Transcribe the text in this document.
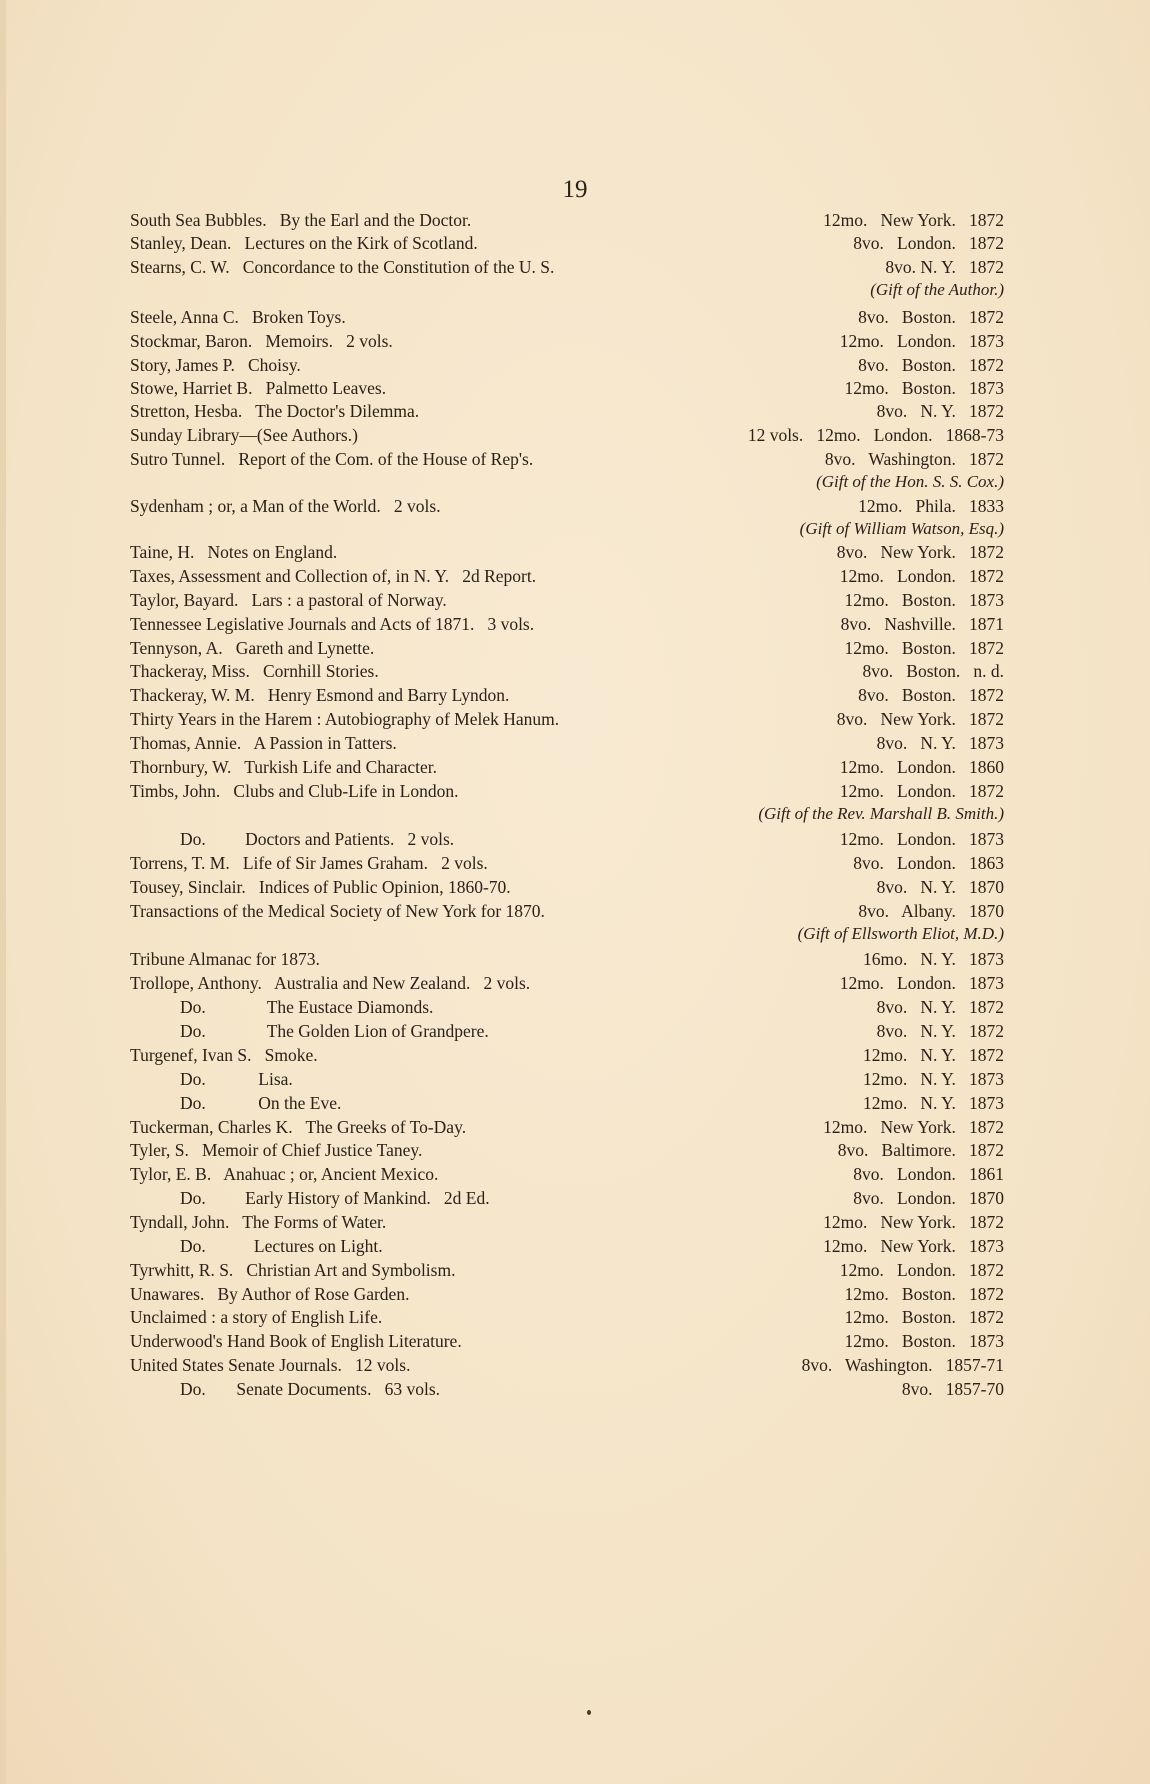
19
South Sea Bubbles.   By the Earl and the Doctor.	12mo.   New York.   1872
Stanley, Dean.   Lectures on the Kirk of Scotland.	8vo.   London.   1872
Stearns, C. W.   Concordance to the Constitution of the U. S.	8vo. N. Y.   1872
(Gift of the Author.)
Steele, Anna C.   Broken Toys.	8vo.   Boston.   1872
Stockmar, Baron.   Memoirs.   2 vols.	12mo.   London.   1873
Story, James P.   Choisy.	8vo.   Boston.   1872
Stowe, Harriet B.   Palmetto Leaves.	12mo.   Boston.   1873
Stretton, Hesba.   The Doctor's Dilemma.	8vo.   N. Y.   1872
Sunday Library—(See Authors.)	12 vols.   12mo.   London.   1868-73
Sutro Tunnel.   Report of the Com. of the House of Rep's.	8vo.   Washington.   1872
(Gift of the Hon. S. S. Cox.)
Sydenham ; or, a Man of the World.   2 vols.	12mo.   Phila.   1833
(Gift of William Watson, Esq.)
Taine, H.   Notes on England.	8vo.   New York.   1872
Taxes, Assessment and Collection of, in N. Y.   2d Report.	12mo.   London.   1872
Taylor, Bayard.   Lars : a pastoral of Norway.	12mo.   Boston.   1873
Tennessee Legislative Journals and Acts of 1871.   3 vols.	8vo.   Nashville.   1871
Tennyson, A.   Gareth and Lynette.	12mo.   Boston.   1872
Thackeray, Miss.   Cornhill Stories.	8vo.   Boston.   n. d.
Thackeray, W. M.   Henry Esmond and Barry Lyndon.	8vo.   Boston.   1872
Thirty Years in the Harem : Autobiography of Melek Hanum.	8vo.   New York.   1872
Thomas, Annie.   A Passion in Tatters.	8vo.   N. Y.   1873
Thornbury, W.   Turkish Life and Character.	12mo.   London.   1860
Timbs, John.   Clubs and Club-Life in London.	12mo.   London.   1872
(Gift of the Rev. Marshall B. Smith.)
Do.         Doctors and Patients.   2 vols.	12mo.   London.   1873
Torrens, T. M.   Life of Sir James Graham.   2 vols.	8vo.   London.   1863
Tousey, Sinclair.   Indices of Public Opinion, 1860-70.	8vo.   N. Y.   1870
Transactions of the Medical Society of New York for 1870.	8vo.   Albany.   1870
(Gift of Ellsworth Eliot, M.D.)
Tribune Almanac for 1873.	16mo.   N. Y.   1873
Trollope, Anthony.   Australia and New Zealand.   2 vols.	12mo.   London.   1873
Do.              The Eustace Diamonds.	8vo.   N. Y.   1872
Do.              The Golden Lion of Grandpere.	8vo.   N. Y.   1872
Turgenef, Ivan S.   Smoke.	12mo.   N. Y.   1872
Do.            Lisa.	12mo.   N. Y.   1873
Do.            On the Eve.	12mo.   N. Y.   1873
Tuckerman, Charles K.   The Greeks of To-Day.	12mo.   New York.   1872
Tyler, S.   Memoir of Chief Justice Taney.	8vo.   Baltimore.   1872
Tylor, E. B.   Anahuac ; or, Ancient Mexico.	8vo.   London.   1861
Do.         Early History of Mankind.   2d Ed.	8vo.   London.   1870
Tyndall, John.   The Forms of Water.	12mo.   New York.   1872
Do.           Lectures on Light.	12mo.   New York.   1873
Tyrwhitt, R. S.   Christian Art and Symbolism.	12mo.   London.   1872
Unawares.   By Author of Rose Garden.	12mo.   Boston.   1872
Unclaimed : a story of English Life.	12mo.   Boston.   1872
Underwood's Hand Book of English Literature.	12mo.   Boston.   1873
United States Senate Journals.   12 vols.	8vo.   Washington.   1857-71
Do.       Senate Documents.   63 vols.	8vo.   1857-70
